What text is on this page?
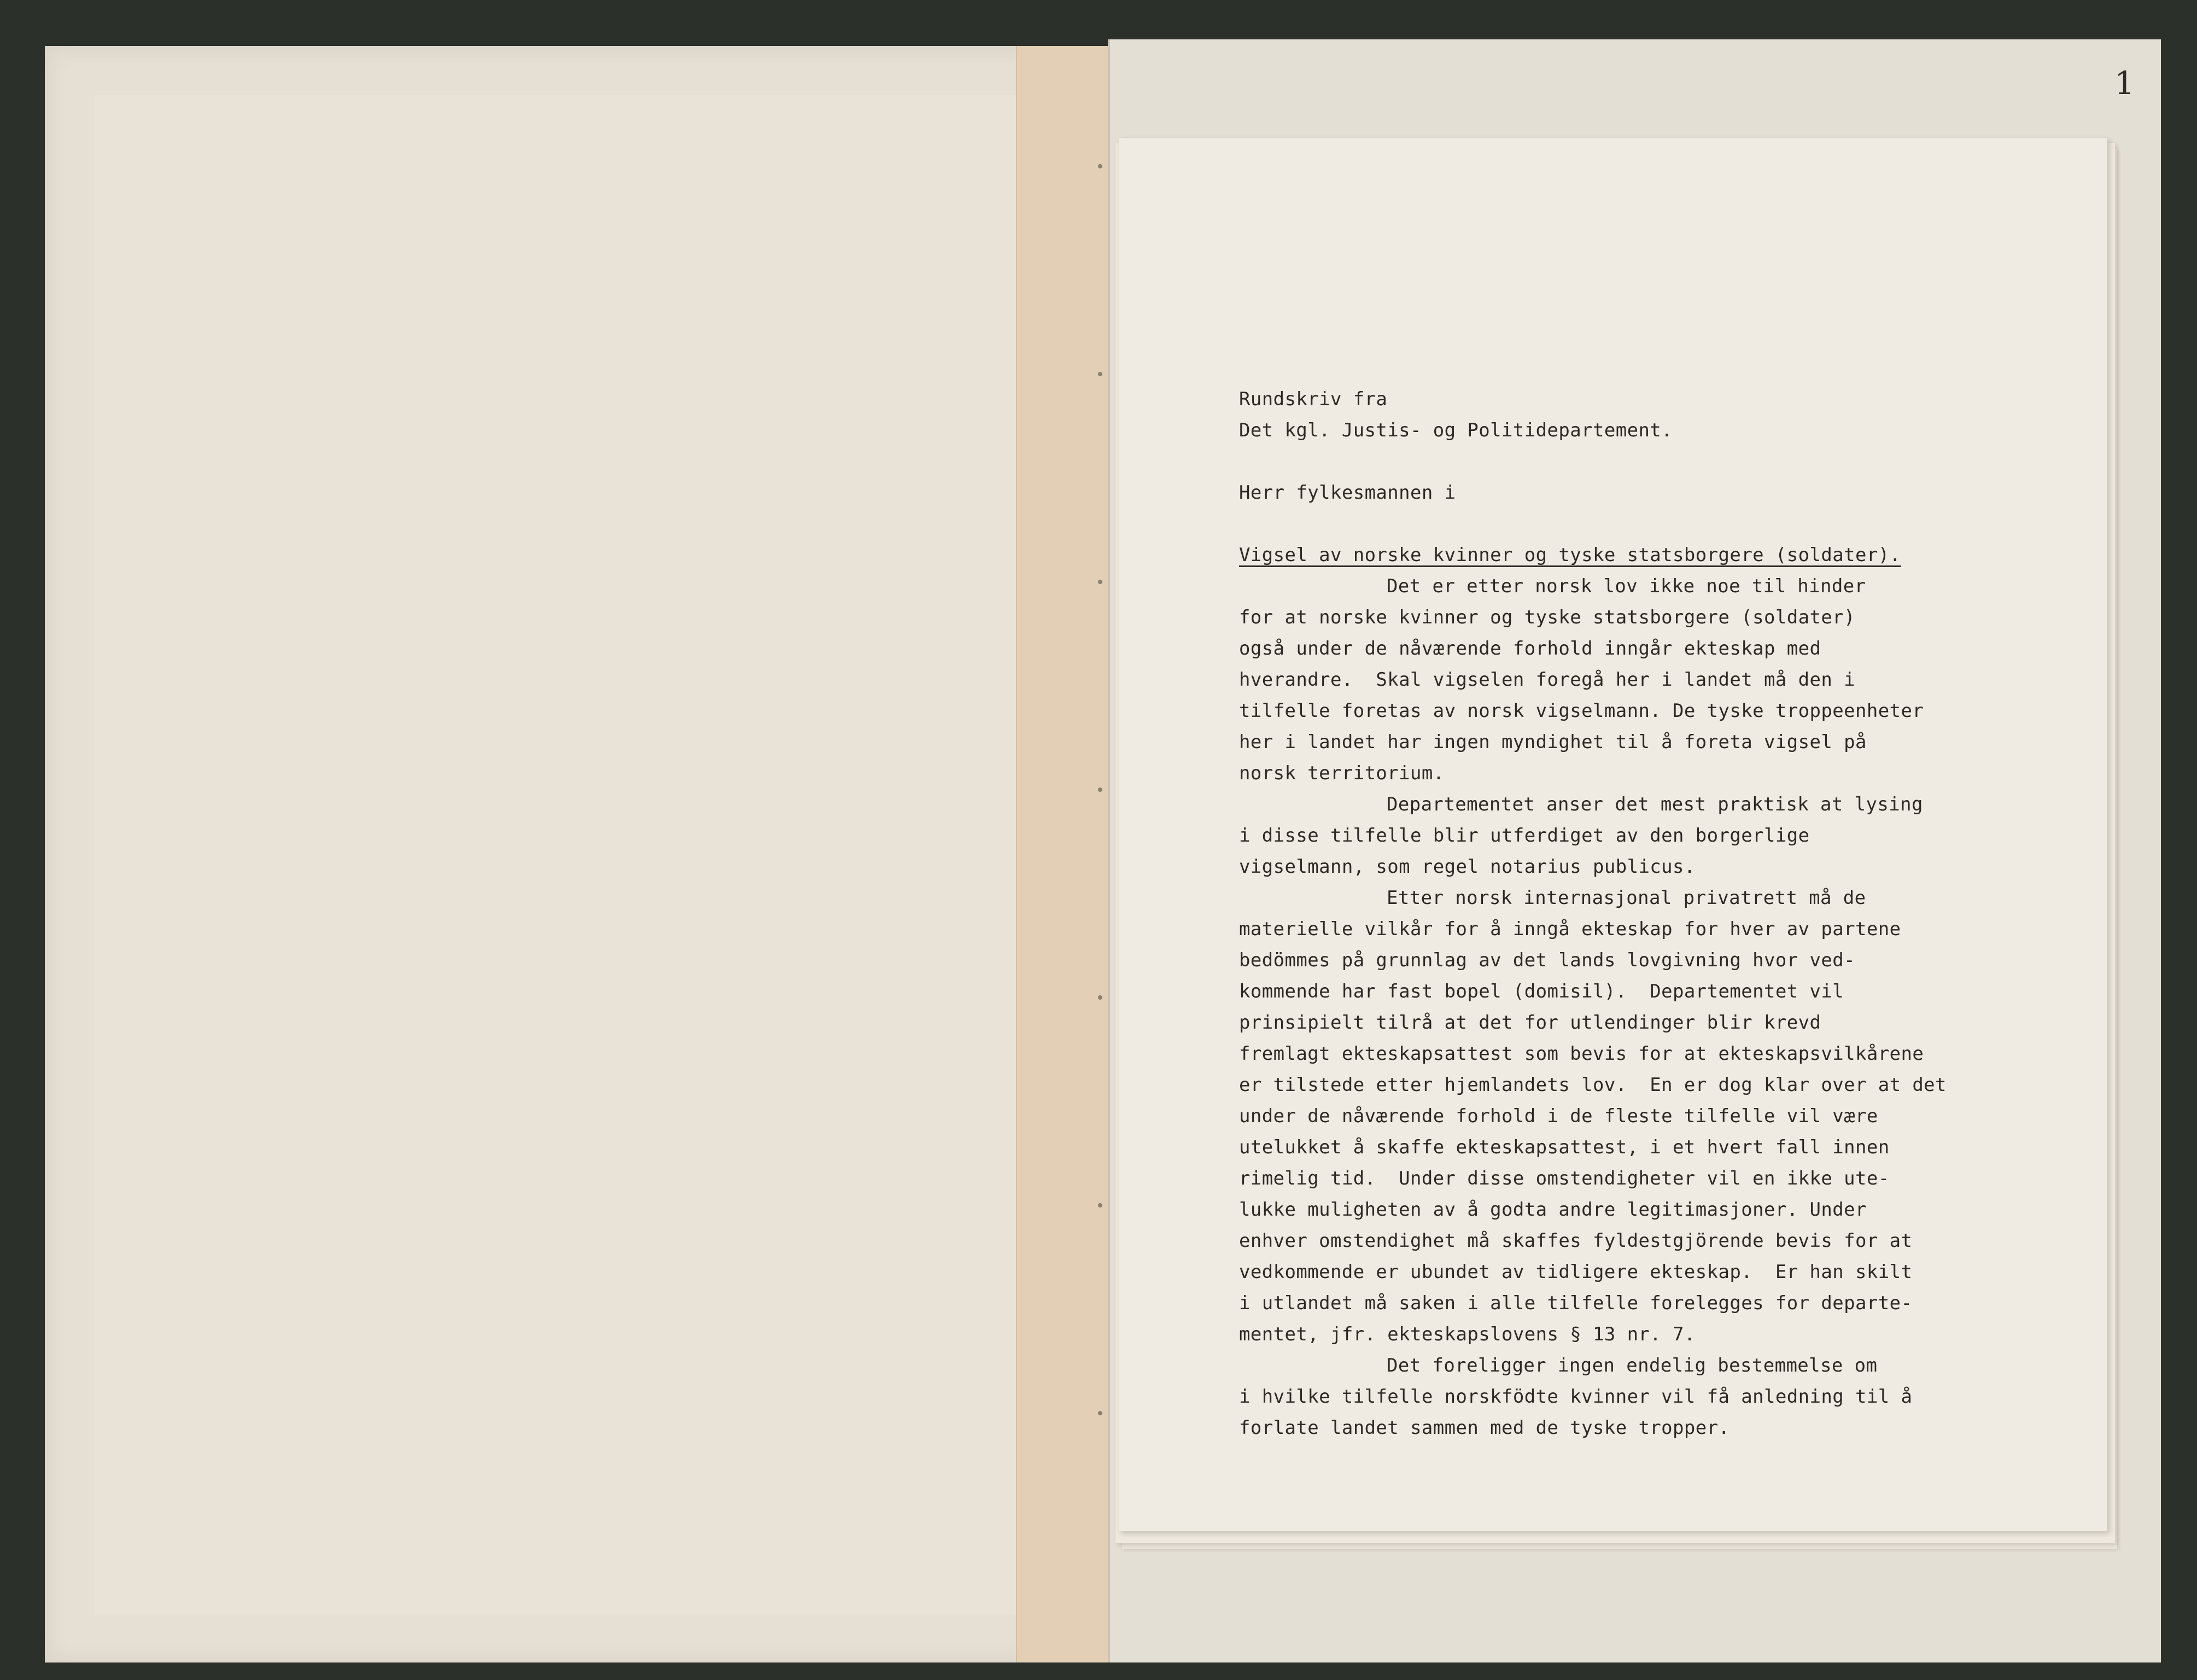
1
Rundskriv fra
Det kgl. Justis- og Politidepartement.
Herr fylkesmannen i
Vigsel av norske kvinner og tyske statsborgere (soldater).
Det er etter norsk lov ikke noe til hinder
for at norske kvinner og tyske statsborgere (soldater)
også under de nåværende forhold inngår ekteskap med
hverandre.  Skal vigselen foregå her i landet må den i
tilfelle foretas av norsk vigselmann. De tyske troppeenheter
her i landet har ingen myndighet til å foreta vigsel på
norsk territorium.
Departementet anser det mest praktisk at lysing
i disse tilfelle blir utferdiget av den borgerlige
vigselmann, som regel notarius publicus.
Etter norsk internasjonal privatrett må de
materielle vilkår for å inngå ekteskap for hver av partene
bedömmes på grunnlag av det lands lovgivning hvor ved-
kommende har fast bopel (domisil).  Departementet vil
prinsipielt tilrå at det for utlendinger blir krevd
fremlagt ekteskapsattest som bevis for at ekteskapsvilkårene
er tilstede etter hjemlandets lov.  En er dog klar over at det
under de nåværende forhold i de fleste tilfelle vil være
utelukket å skaffe ekteskapsattest, i et hvert fall innen
rimelig tid.  Under disse omstendigheter vil en ikke ute-
lukke muligheten av å godta andre legitimasjoner. Under
enhver omstendighet må skaffes fyldestgjörende bevis for at
vedkommende er ubundet av tidligere ekteskap.  Er han skilt
i utlandet må saken i alle tilfelle forelegges for departe-
mentet, jfr. ekteskapslovens § 13 nr. 7.
Det foreligger ingen endelig bestemmelse om
i hvilke tilfelle norskfödte kvinner vil få anledning til å
forlate landet sammen med de tyske tropper.
